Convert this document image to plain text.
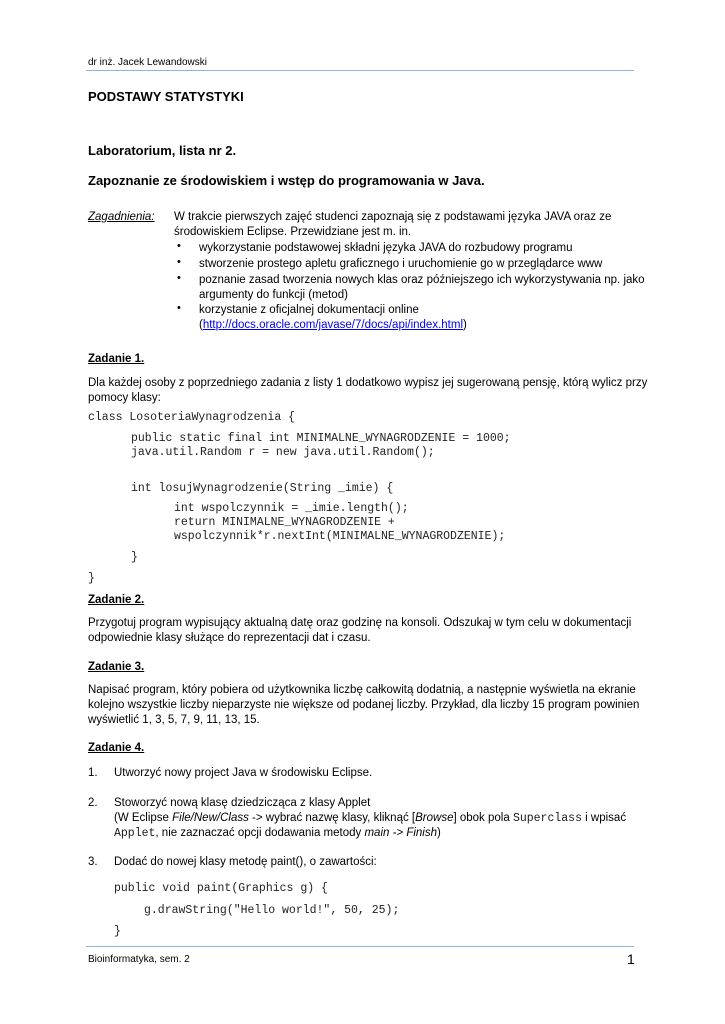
dr inż. Jacek Lewandowski
PODSTAWY STATYSTYKI
Laboratorium, lista nr 2.
Zapoznanie ze środowiskiem i wstęp do programowania w Java.
Zagadnienia: W trakcie pierwszych zajęć studenci zapoznają się z podstawami języka JAVA oraz ze
środowiskiem Eclipse. Przewidziane jest m. in.
• wykorzystanie podstawowej składni języka JAVA do rozbudowy programu
• stworzenie prostego apletu graficznego i uruchomienie go w przeglądarce www
• poznanie zasad tworzenia nowych klas oraz późniejszego ich wykorzystywania np. jako
argumenty do funkcji (metod)
• korzystanie z oficjalnej dokumentacji online
(http://docs.oracle.com/javase/7/docs/api/index.html)
Zadanie 1.
Dla każdej osoby z poprzedniego zadania z listy 1 dodatkowo wypisz jej sugerowaną pensję, którą wylicz przy
pomocy klasy:
class LosoteriaWynagrodzenia {
public static final int MINIMALNE_WYNAGRODZENIE = 1000;
java.util.Random r = new java.util.Random();
int losujWynagrodzenie(String _imie) {
int wspolczynnik = _imie.length();
return MINIMALNE_WYNAGRODZENIE +
wspolczynnik*r.nextInt(MINIMALNE_WYNAGRODZENIE);
}
}
Zadanie 2.
Przygotuj program wypisujący aktualną datę oraz godzinę na konsoli. Odszukaj w tym celu w dokumentacji
odpowiednie klasy służące do reprezentacji dat i czasu.
Zadanie 3.
Napisać program, który pobiera od użytkownika liczbę całkowitą dodatnią, a następnie wyświetla na ekranie
kolejno wszystkie liczby nieparzyste nie większe od podanej liczby. Przykład, dla liczby 15 program powinien
wyświetlić 1, 3, 5, 7, 9, 11, 13, 15.
Zadanie 4.
1. Utworzyć nowy project Java w środowisku Eclipse.
2. Stoworzyć nową klasę dziedzicząca z klasy Applet
(W Eclipse File/New/Class -> wybrać nazwę klasy, kliknąć [Browse] obok pola Superclass i wpisać
Applet, nie zaznaczać opcji dodawania metody main -> Finish)
3. Dodać do nowej klasy metodę paint(), o zawartości:
public void paint(Graphics g) {
g.drawString("Hello world!", 50, 25);
}
Bioinformatyka, sem. 2	1
